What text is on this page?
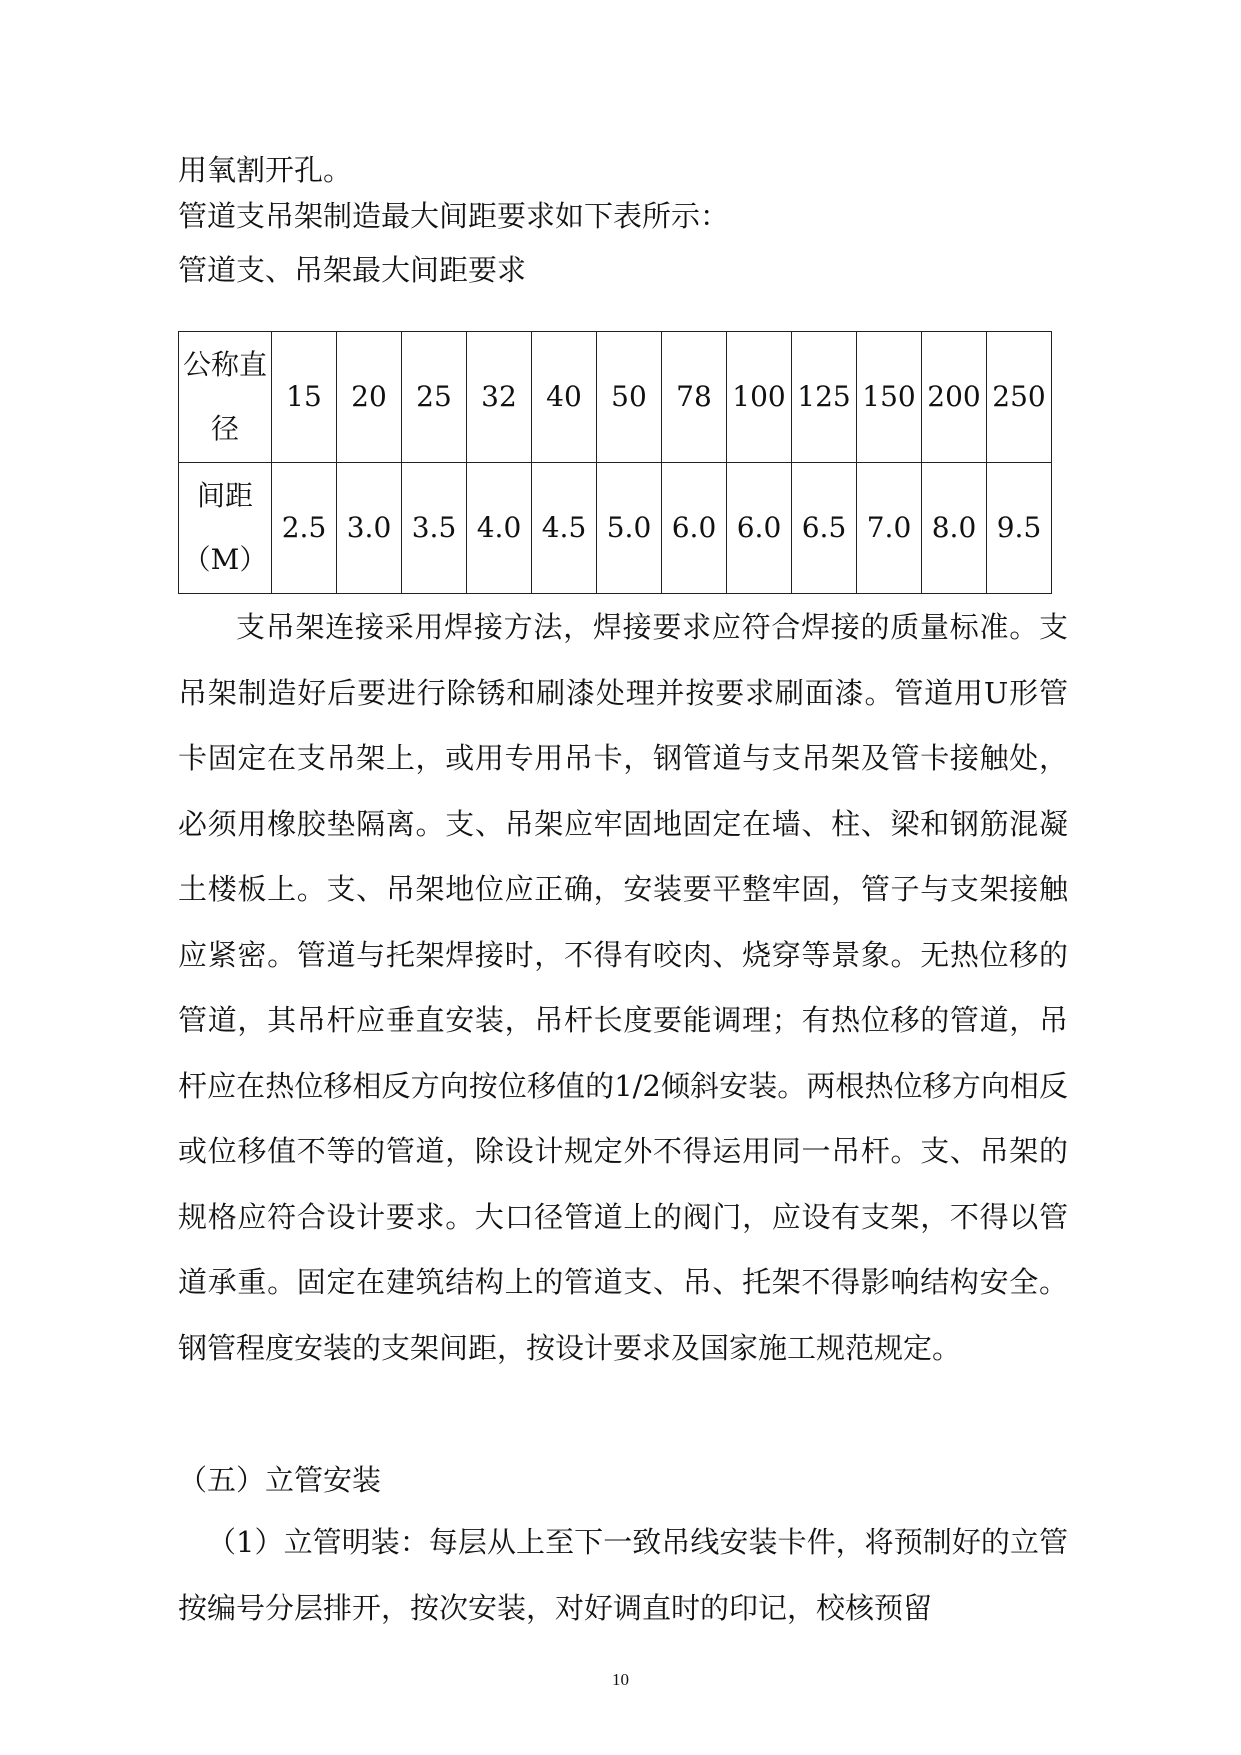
用氧割开孔。
管道支吊架制造最大间距要求如下表所示：
管道支、吊架最大间距要求
公称直径	15	20	25	32	40	50	78	100	125	150	200	250
间距（M）	2.5	3.0	3.5	4.0	4.5	5.0	6.0	6.0	6.5	7.0	8.0	9.5

支吊架连接采用焊接方法，焊接要求应符合焊接的质量标准。支吊架制造好后要进行除锈和刷漆处理并按要求刷面漆。管道用U形管卡固定在支吊架上，或用专用吊卡，钢管道与支吊架及管卡接触处，必须用橡胶垫隔离。支、吊架应牢固地固定在墙、柱、梁和钢筋混凝土楼板上。支、吊架地位应正确，安装要平整牢固，管子与支架接触应紧密。管道与托架焊接时，不得有咬肉、烧穿等景象。无热位移的管道，其吊杆应垂直安装，吊杆长度要能调理；有热位移的管道，吊杆应在热位移相反方向按位移值的1/2倾斜安装。两根热位移方向相反或位移值不等的管道，除设计规定外不得运用同一吊杆。支、吊架的规格应符合设计要求。大口径管道上的阀门，应设有支架，不得以管道承重。固定在建筑结构上的管道支、吊、托架不得影响结构安全。钢管程度安装的支架间距，按设计要求及国家施工规范规定。

（五）立管安装

（1）立管明装：每层从上至下一致吊线安装卡件，将预制好的立管按编号分层排开，按次安装，对好调直时的印记，校核预留

10
